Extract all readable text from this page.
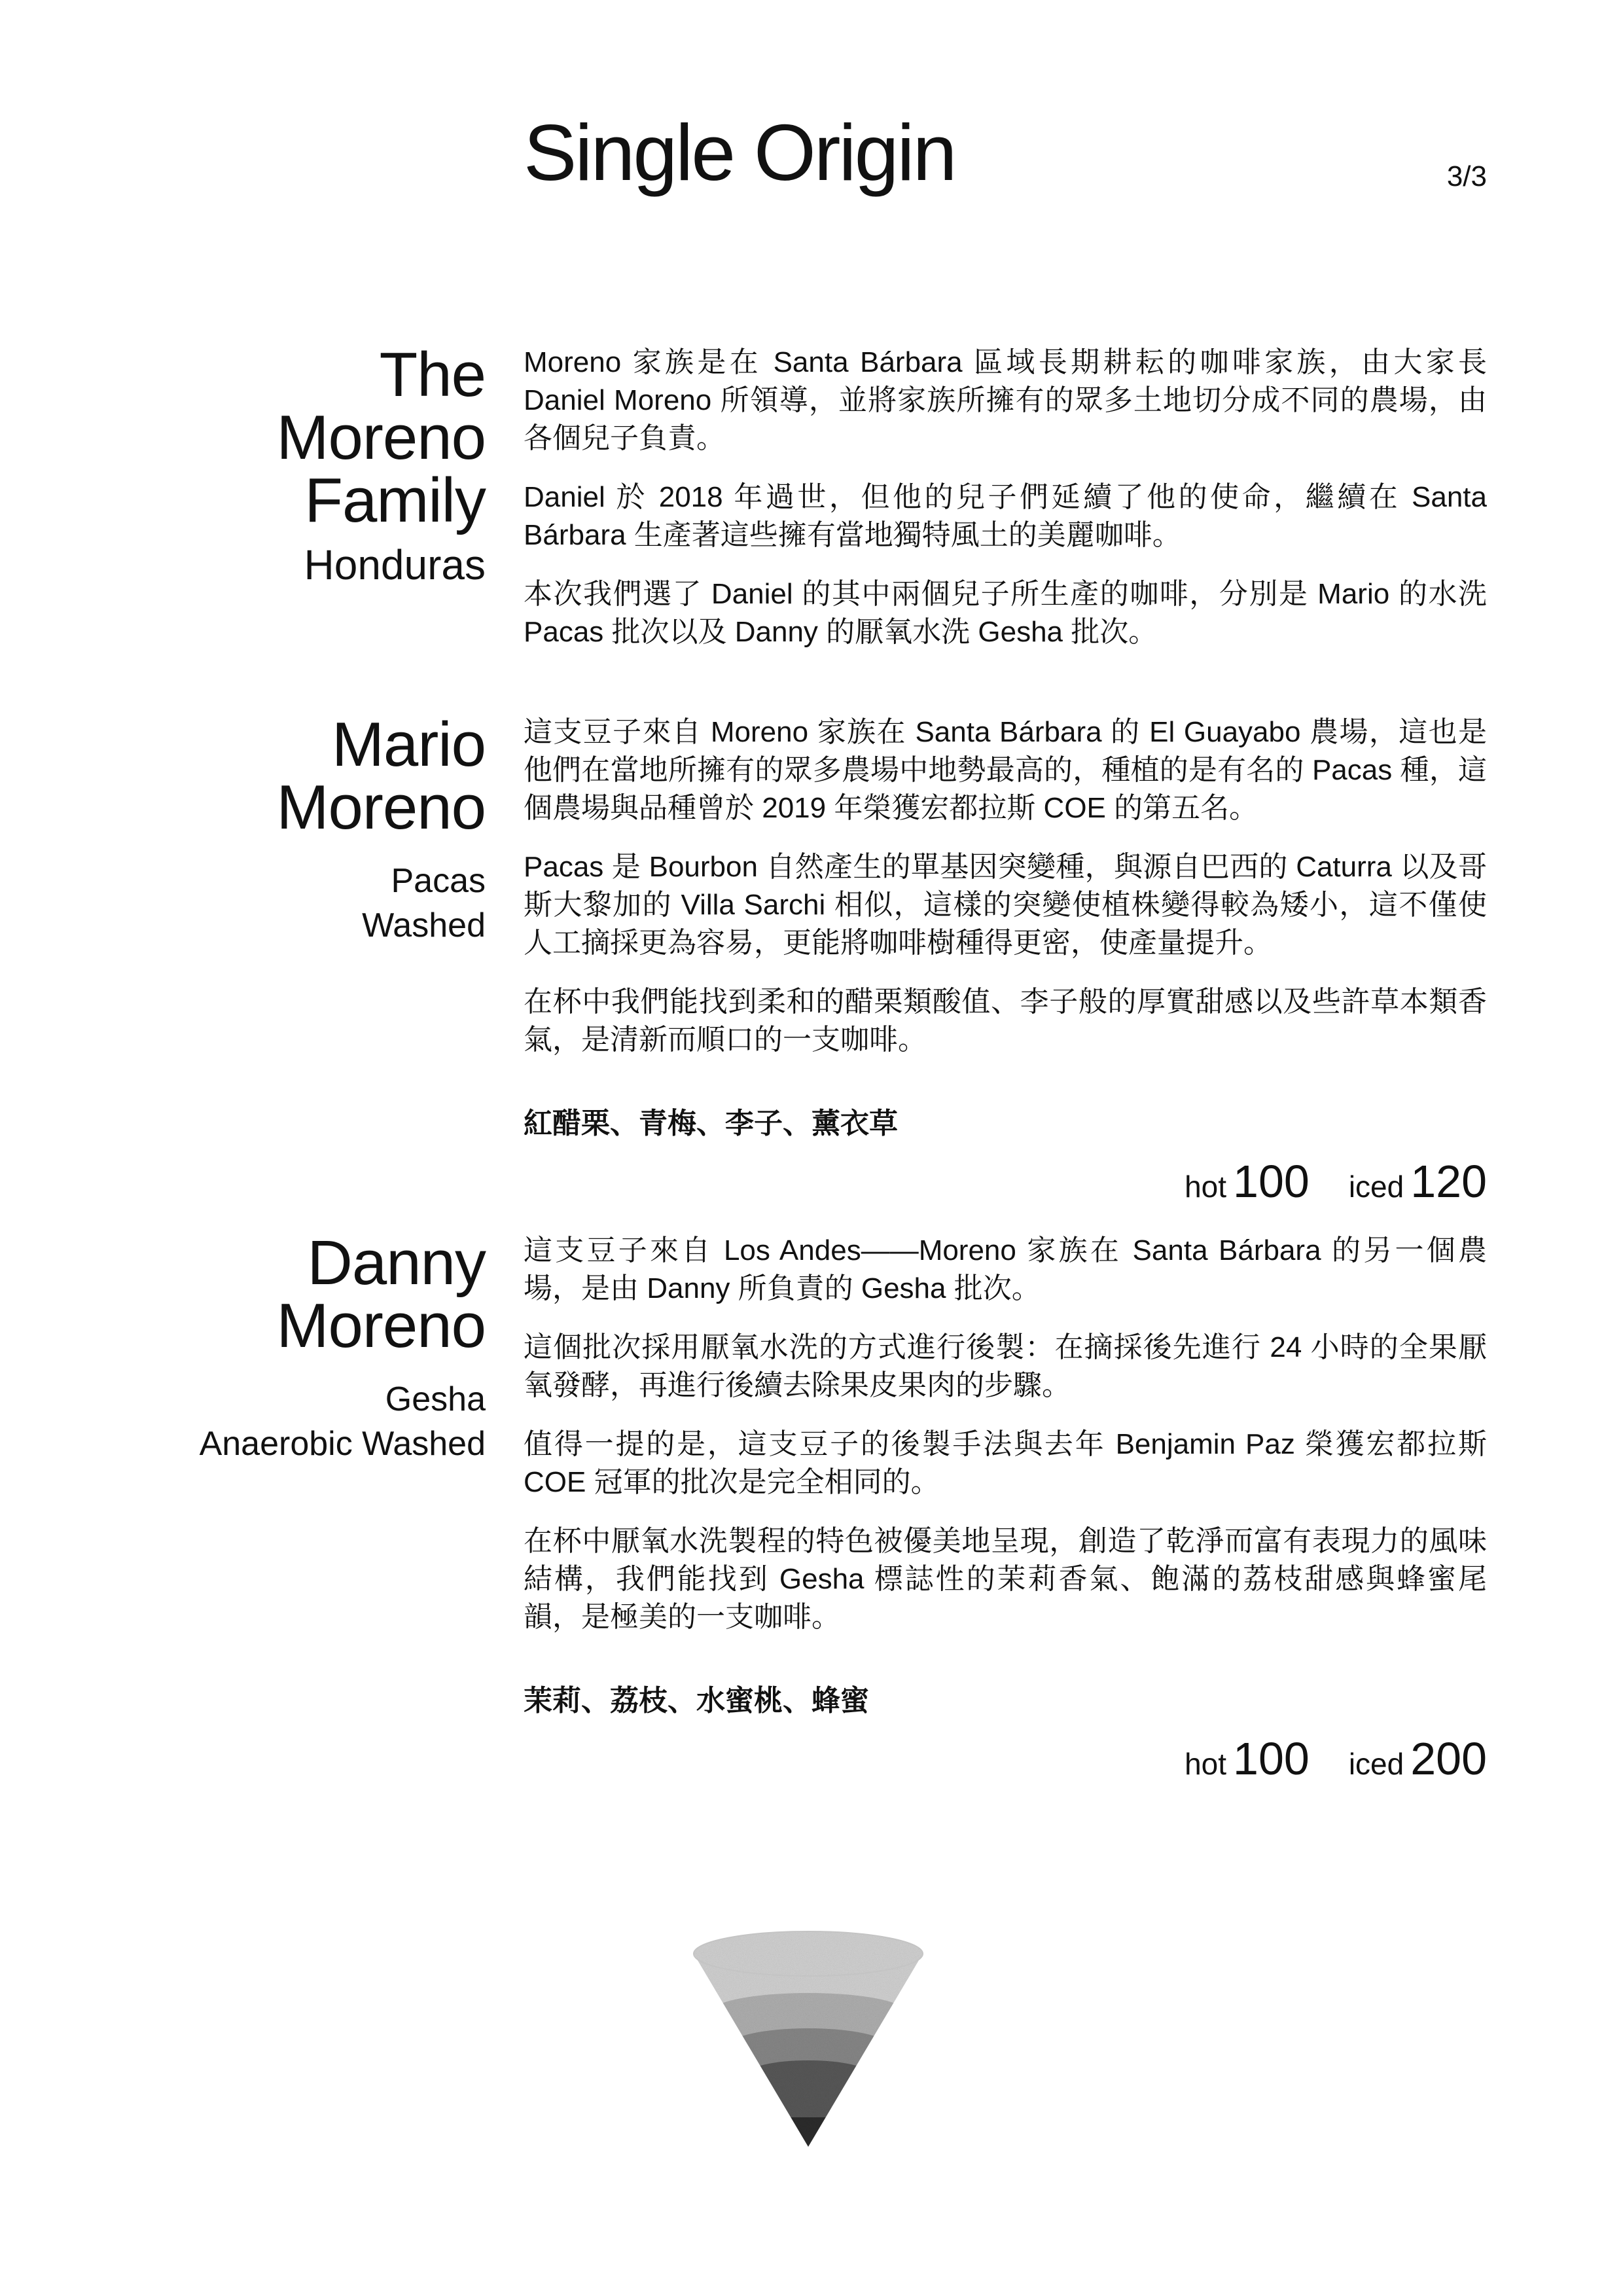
Single Origin	3/3
The
Moreno
Family
Honduras

Moreno 家族是在 Santa Bárbara 區域長期耕耘的咖啡家族，由大家長 Daniel Moreno 所領導，並將家族所擁有的眾多土地切分成不同的農場，由各個兒子負責。

Daniel 於 2018 年過世，但他的兒子們延續了他的使命，繼續在 Santa Bárbara 生產著這些擁有當地獨特風土的美麗咖啡。

本次我們選了 Daniel 的其中兩個兒子所生產的咖啡，分別是 Mario 的水洗 Pacas 批次以及 Danny 的厭氧水洗 Gesha 批次。

Mario
Moreno
Pacas
Washed

這支豆子來自 Moreno 家族在 Santa Bárbara 的 El Guayabo 農場，這也是他們在當地所擁有的眾多農場中地勢最高的，種植的是有名的 Pacas 種，這個農場與品種曾於 2019 年榮獲宏都拉斯 COE 的第五名。

Pacas 是 Bourbon 自然產生的單基因突變種，與源自巴西的 Caturra 以及哥斯大黎加的 Villa Sarchi 相似，這樣的突變使植株變得較為矮小，這不僅使人工摘採更為容易，更能將咖啡樹種得更密，使產量提升。

在杯中我們能找到柔和的醋栗類酸值、李子般的厚實甜感以及些許草本類香氣，是清新而順口的一支咖啡。

紅醋栗、青梅、李子、薰衣草
hot 100 iced 120
Danny
Moreno
Gesha
Anaerobic Washed

這支豆子來自 Los Andes——Moreno 家族在 Santa Bárbara 的另一個農場，是由 Danny 所負責的 Gesha 批次。

這個批次採用厭氧水洗的方式進行後製：在摘採後先進行 24 小時的全果厭氧發酵，再進行後續去除果皮果肉的步驟。

值得一提的是，這支豆子的後製手法與去年 Benjamin Paz 榮獲宏都拉斯 COE 冠軍的批次是完全相同的。

在杯中厭氧水洗製程的特色被優美地呈現，創造了乾淨而富有表現力的風味結構，我們能找到 Gesha 標誌性的茉莉香氣、飽滿的荔枝甜感與蜂蜜尾韻，是極美的一支咖啡。

茉莉、荔枝、水蜜桃、蜂蜜
hot 100 iced 200
